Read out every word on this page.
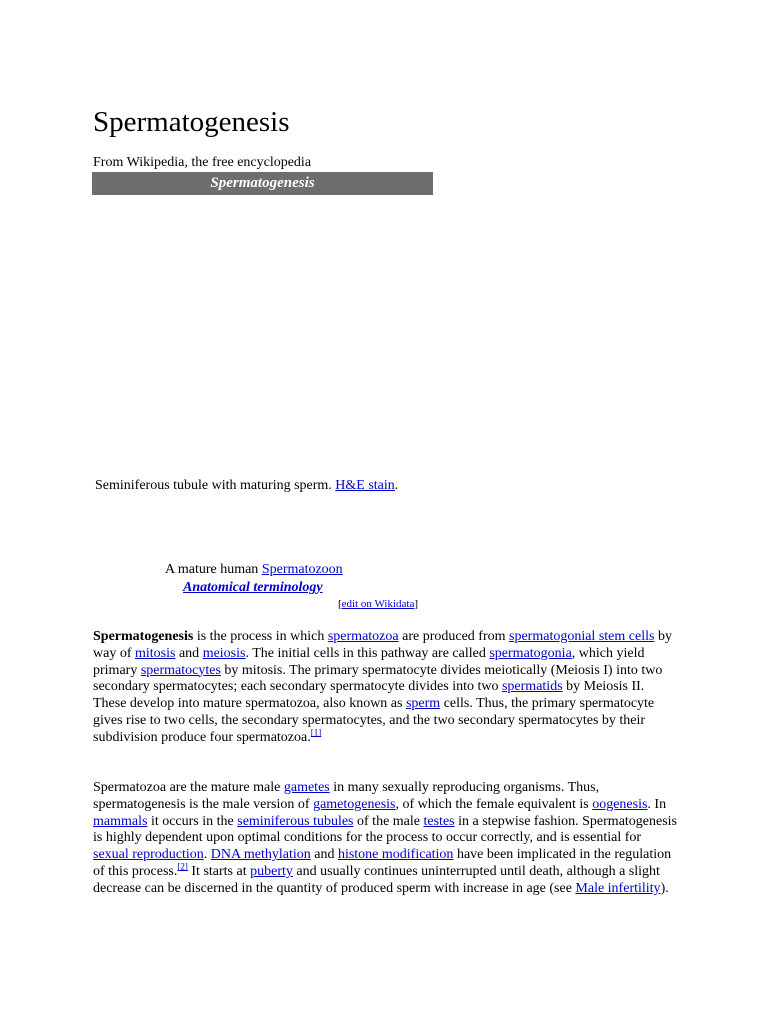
Spermatogenesis
From Wikipedia, the free encyclopedia
Spermatogenesis
Seminiferous tubule with maturing sperm. H&E stain.
A mature human Spermatozoon
Anatomical terminology
[edit on Wikidata]

Spermatogenesis is the process in which spermatozoa are produced from spermatogonial stem cells by way of mitosis and meiosis. The initial cells in this pathway are called spermatogonia, which yield primary spermatocytes by mitosis. The primary spermatocyte divides meiotically (Meiosis I) into two secondary spermatocytes; each secondary spermatocyte divides into two spermatids by Meiosis II. These develop into mature spermatozoa, also known as sperm cells. Thus, the primary spermatocyte gives rise to two cells, the secondary spermatocytes, and the two secondary spermatocytes by their subdivision produce four spermatozoa.[1]

Spermatozoa are the mature male gametes in many sexually reproducing organisms. Thus, spermatogenesis is the male version of gametogenesis, of which the female equivalent is oogenesis. In mammals it occurs in the seminiferous tubules of the male testes in a stepwise fashion. Spermatogenesis is highly dependent upon optimal conditions for the process to occur correctly, and is essential for sexual reproduction. DNA methylation and histone modification have been implicated in the regulation of this process.[2] It starts at puberty and usually continues uninterrupted until death, although a slight decrease can be discerned in the quantity of produced sperm with increase in age (see Male infertility).
